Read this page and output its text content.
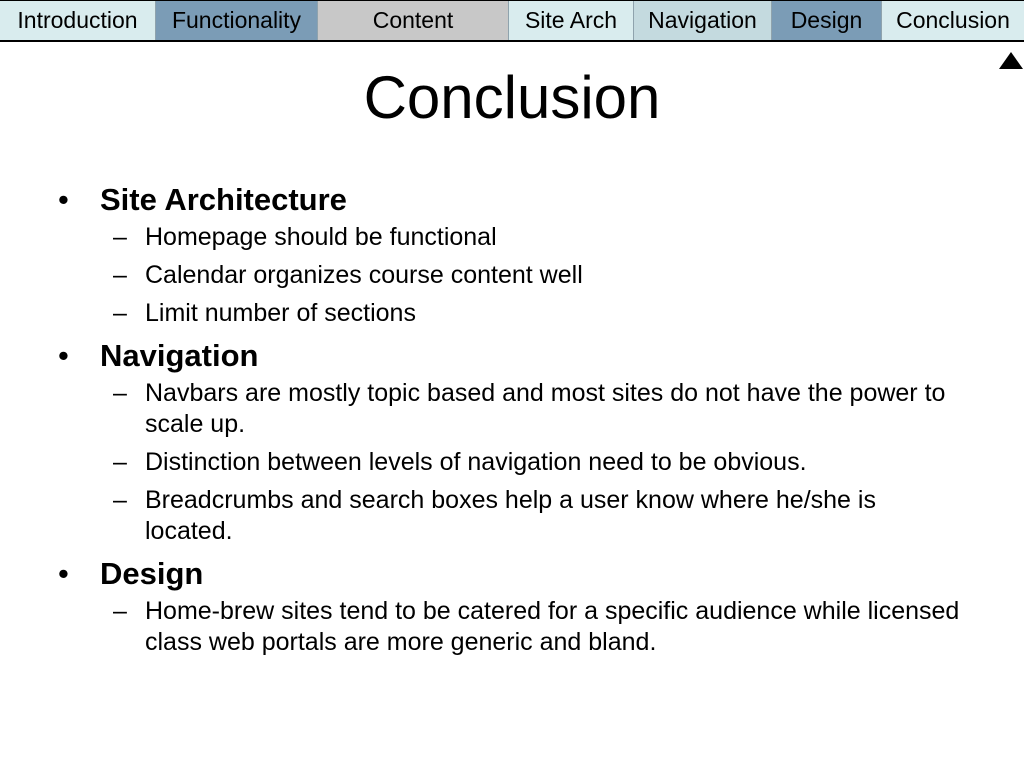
Introduction	Functionality	Content	Site Arch	Navigation	Design	Conclusion
Conclusion
• Site Architecture
– Homepage should be functional
– Calendar organizes course content well
– Limit number of sections
• Navigation
– Navbars are mostly topic based and most sites do not have the power to scale up.
– Distinction between levels of navigation need to be obvious.
– Breadcrumbs and search boxes help a user know where he/she is located.
• Design
– Home-brew sites tend to be catered for a specific audience while licensed class web portals are more generic and bland.
